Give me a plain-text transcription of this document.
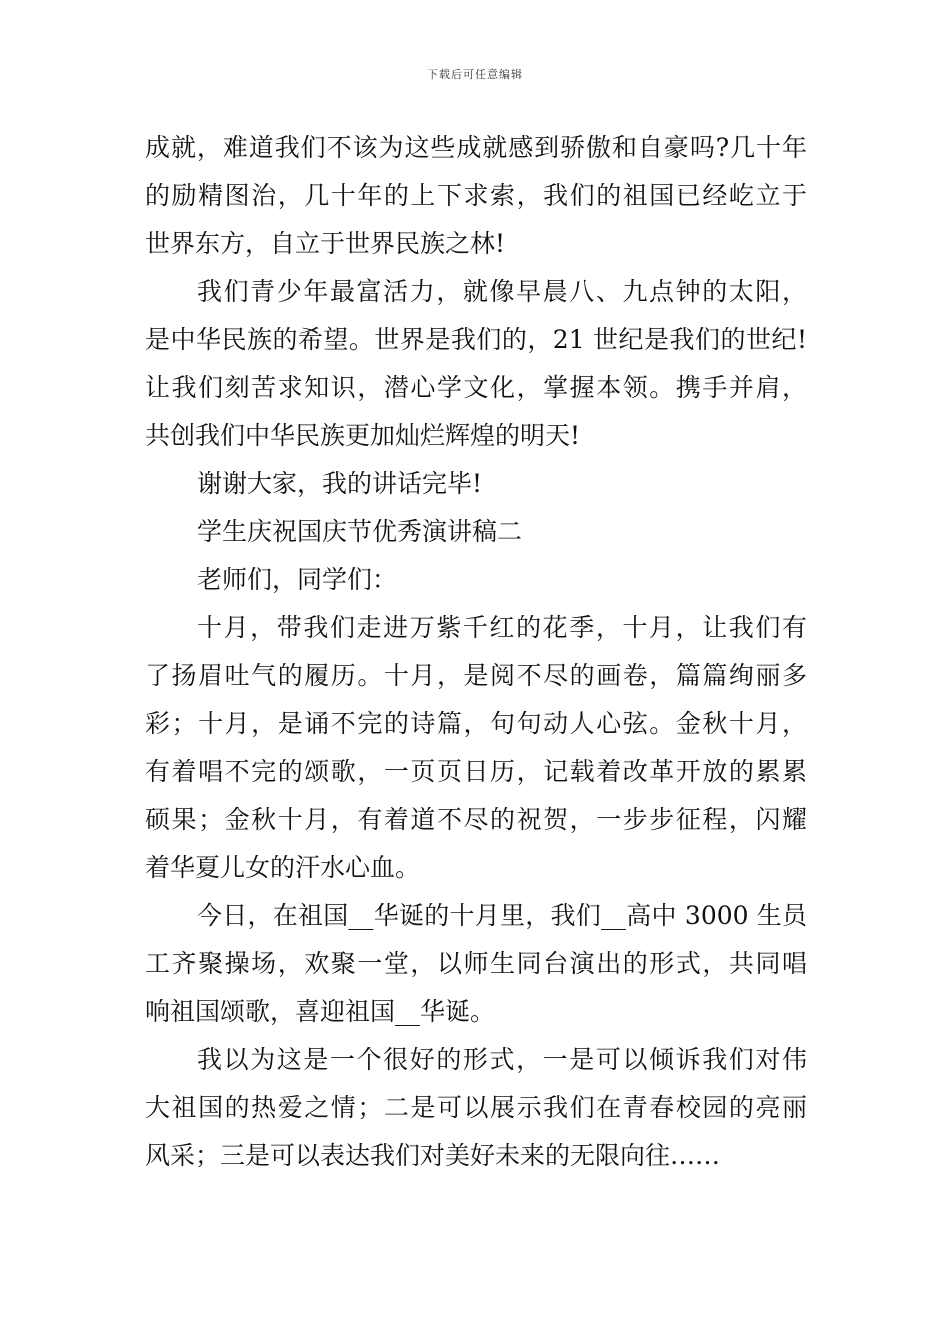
下载后可任意编辑
成就，难道我们不该为这些成就感到骄傲和自豪吗?几十年
的励精图治，几十年的上下求索，我们的祖国已经屹立于
世界东方，自立于世界民族之林!
我们青少年最富活力，就像早晨八、九点钟的太阳，
是中华民族的希望。世界是我们的，21 世纪是我们的世纪!
让我们刻苦求知识，潜心学文化，掌握本领。携手并肩，
共创我们中华民族更加灿烂辉煌的明天!
谢谢大家，我的讲话完毕!
学生庆祝国庆节优秀演讲稿二
老师们，同学们：
十月，带我们走进万紫千红的花季，十月，让我们有
了扬眉吐气的履历。十月，是阅不尽的画卷，篇篇绚丽多
彩；十月，是诵不完的诗篇，句句动人心弦。金秋十月，
有着唱不完的颂歌，一页页日历，记载着改革开放的累累
硕果；金秋十月，有着道不尽的祝贺，一步步征程，闪耀
着华夏儿女的汗水心血。
今日，在祖国__华诞的十月里，我们__高中 3000 生员
工齐聚操场，欢聚一堂，以师生同台演出的形式，共同唱
响祖国颂歌，喜迎祖国__华诞。
我以为这是一个很好的形式，一是可以倾诉我们对伟
大祖国的热爱之情；二是可以展示我们在青春校园的亮丽
风采；三是可以表达我们对美好未来的无限向往……
